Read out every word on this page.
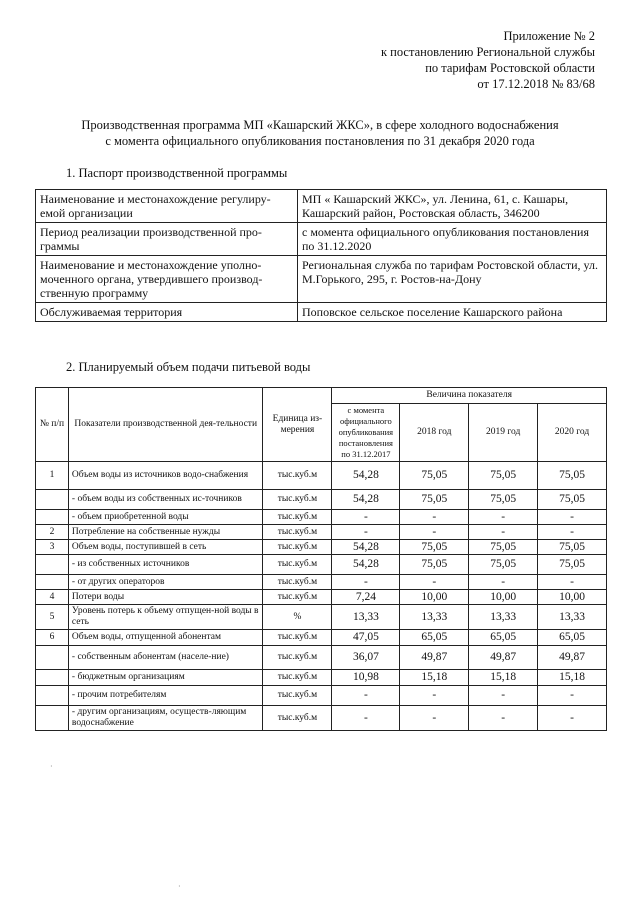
Приложение № 2
к постановлению Региональной службы
по тарифам Ростовской области
от 17.12.2018 № 83/68
Производственная программа МП «Кашарский ЖКС», в сфере холодного водоснабжения
с момента официального опубликования постановления по 31 декабря 2020 года
1. Паспорт производственной программы
Наименование и местонахождение регулиру-емой организации	МП « Кашарский ЖКС», ул. Ленина, 61, с. Кашары, Кашарский район, Ростовская область, 346200
Период реализации производственной про-граммы	с момента официального опубликования постановления по 31.12.2020
Наименование и местонахождение уполно-моченного органа, утвердившего производ-ственную программу	Региональная служба по тарифам Ростовской области, ул. М.Горького, 295, г. Ростов-на-Дону
Обслуживаемая территория	Поповское сельское поселение Кашарского района
2. Планируемый объем подачи питьевой воды
№ п/п	Показатели производственной дея-тельности	Единица из-мерения	Величина показателя			
			с момента официального опубликования постановления по 31.12.2017	2018 год	2019 год	2020 год
1	Объем воды из источников водо-снабжения	тыс.куб.м	54,28	75,05	75,05	75,05
	- объем воды из собственных ис-точников	тыс.куб.м	54,28	75,05	75,05	75,05
	- объем приобретенной воды	тыс.куб.м	-	-	-	-
2	Потребление на собственные нужды	тыс.куб.м	-	-	-	-
3	Объем воды, поступившей в сеть	тыс.куб.м	54,28	75,05	75,05	75,05
	- из собственных источников	тыс.куб.м	54,28	75,05	75,05	75,05
	- от других операторов	тыс.куб.м	-	-	-	-
4	Потери воды	тыс.куб.м	7,24	10,00	10,00	10,00
5	Уровень потерь к объему отпущен-ной воды в сеть	%	13,33	13,33	13,33	13,33
6	Объем воды, отпущенной абонентам	тыс.куб.м	47,05	65,05	65,05	65,05
	- собственным абонентам (населе-ние)	тыс.куб.м	36,07	49,87	49,87	49,87
	- бюджетным организациям	тыс.куб.м	10,98	15,18	15,18	15,18
	- прочим потребителям	тыс.куб.м	-	-	-	-
	- другим организациям, осуществ-ляющим водоснабжение	тыс.куб.м	-	-	-	-
·
·
